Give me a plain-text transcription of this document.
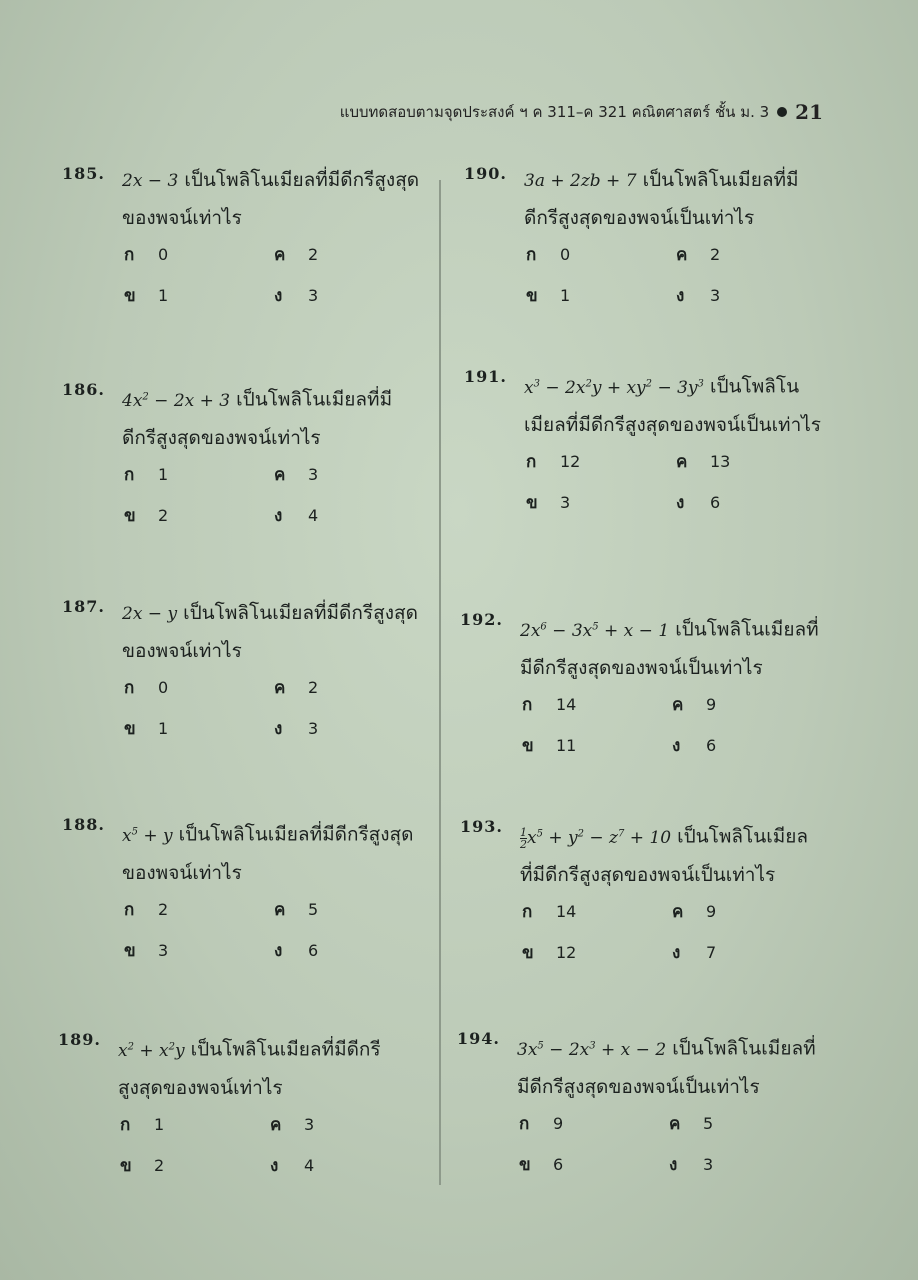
แบบทดสอบตามจุดประสงค์ ฯ ค 311–ค 321 คณิตศาสตร์ ชั้น ม. 3 21
185. 2x − 3 เป็นโพลิโนเมียลที่มีดีกรีสูงสุดของพจน์เท่าไร
ก 0	ค 2
ข 1	ง	3
186.
$4x^2 - 2x + 3$ เป็นโพลิโนเมียลที่มีดีกรีสูงสุดของพจน์เท่าไร
ก 1	ค 3
ข 2	ง	4
187. 2x − y เป็นโพลิโนเมียลที่มีดีกรีสูงสุดของพจน์เท่าไร
ก 0	ค 2
ข 1	ง	3
188.
$x^5 + y$ เป็นโพลิโนเมียลที่มีดีกรีสูงสุดของพจน์เท่าไร
ก 2	ค 5
ข 3	ง	6
189.
$x^2 + x^2y$ เป็นโพลิโนเมียลที่มีดีกรีสูงสุดของพจน์เท่าไร
ก 1	ค 3
ข 2	ง	4
190. 3a + 2zb + 7 เป็นโพลิโนเมียลที่มีดีกรีสูงสุดของพจน์เป็นเท่าไร
ก 0	ค 2
ข 1	ง	3
191.
$x^3 - 2x^2y + xy^2 - 3y^3$ เป็นโพลิโนเมียลที่มีดีกรีสูงสุดของพจน์เป็นเท่าไร
ก 12	ค 13
ข 3	ง	6
192.
$2x^6 - 3x^5 + x - 1$ เป็นโพลิโนเมียลที่มีดีกรีสูงสุดของพจน์เป็นเท่าไร
ก 14	ค 9
ข 11	ง	6
193.
$\frac{1}{2} x^5 + y^2 - z^7 + 10$ เป็นโพลิโนเมียลที่มีดีกรีสูงสุดของพจน์เป็นเท่าไร
ก 14	ค 9
ข 12	ง	7
194.
$3x^5 - 2x^3 + x - 2$ เป็นโพลิโนเมียลที่มีดีกรีสูงสุดของพจน์เป็นเท่าไร
ก 9	ค 5
ข 6	ง	3
